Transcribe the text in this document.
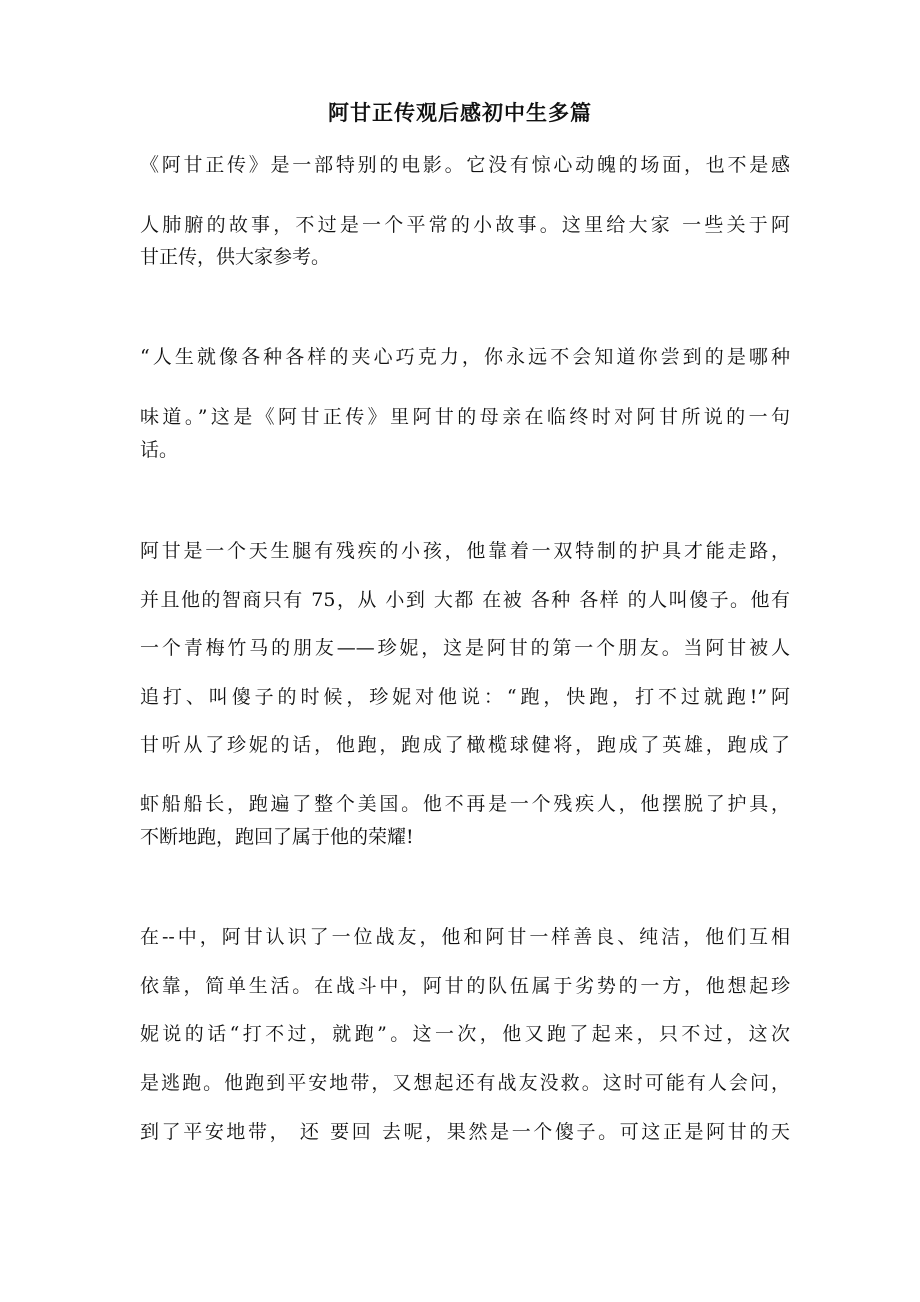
阿甘正传观后感初中生多篇
《阿甘正传》是一部特别的电影。它没有惊心动魄的场面，也不是感
人肺腑的故事，不过是一个平常的小故事。这里给大家 一些关于阿
甘正传，供大家参考。
“人生就像各种各样的夹心巧克力，你永远不会知道你尝到的是哪种
味道。”这是《阿甘正传》里阿甘的母亲在临终时对阿甘所说的一句
话。
阿甘是一个天生腿有残疾的小孩，他靠着一双特制的护具才能走路，
并且他的智商只有 75，从 小到 大都 在被 各种 各样 的人叫傻子。他有
一个青梅竹马的朋友——珍妮，这是阿甘的第一个朋友。当阿甘被人
追打、叫傻子的时候，珍妮对他说：“跑，快跑，打不过就跑!”阿
甘听从了珍妮的话，他跑，跑成了橄榄球健将，跑成了英雄，跑成了
虾船船长，跑遍了整个美国。他不再是一个残疾人，他摆脱了护具，
不断地跑，跑回了属于他的荣耀!
在--中，阿甘认识了一位战友，他和阿甘一样善良、纯洁，他们互相
依靠，简单生活。在战斗中，阿甘的队伍属于劣势的一方，他想起珍
妮说的话“打不过，就跑”。这一次，他又跑了起来，只不过，这次
是逃跑。他跑到平安地带，又想起还有战友没救。这时可能有人会问，
到了平安地带， 还 要回 去呢，果然是一个傻子。可这正是阿甘的天
